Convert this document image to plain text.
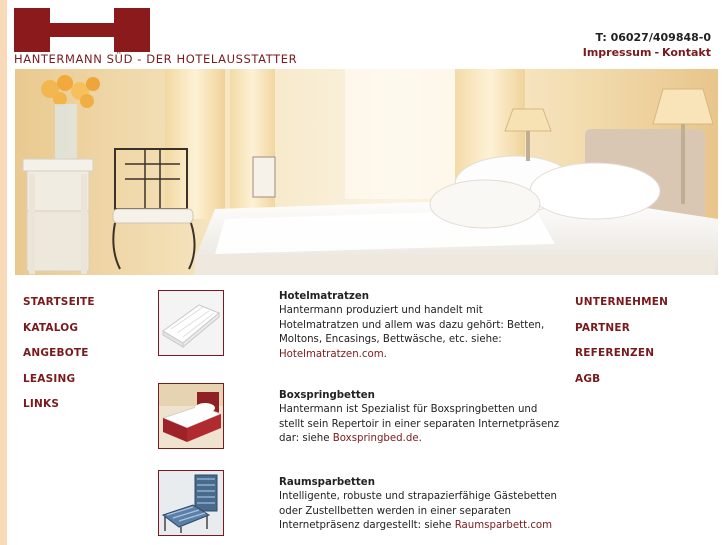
HANTERMANN SÜD - DER HOTELAUSSTATTER
T: 06027/409848-0
Impressum - Kontakt
STARTSEITE
KATALOG
ANGEBOTE
LEASING
LINKS
UNTERNEHMEN
PARTNER
REFERENZEN
AGB
Hotelmatratzen
Hantermann produziert und handelt mit Hotelmatratzen und allem was dazu gehört: Betten, Moltons, Encasings, Bettwäsche, etc. siehe: Hotelmatratzen.com.
Boxspringbetten
Hantermann ist Spezialist für Boxspringbetten und stellt sein Repertoir in einer separaten Internetpräsenz dar: siehe Boxspringbed.de.
Raumsparbetten
Intelligente, robuste und strapazierfähige Gästebetten oder Zustellbetten werden in einer separaten Internetpräsenz dargestellt: siehe Raumsparbett.com
